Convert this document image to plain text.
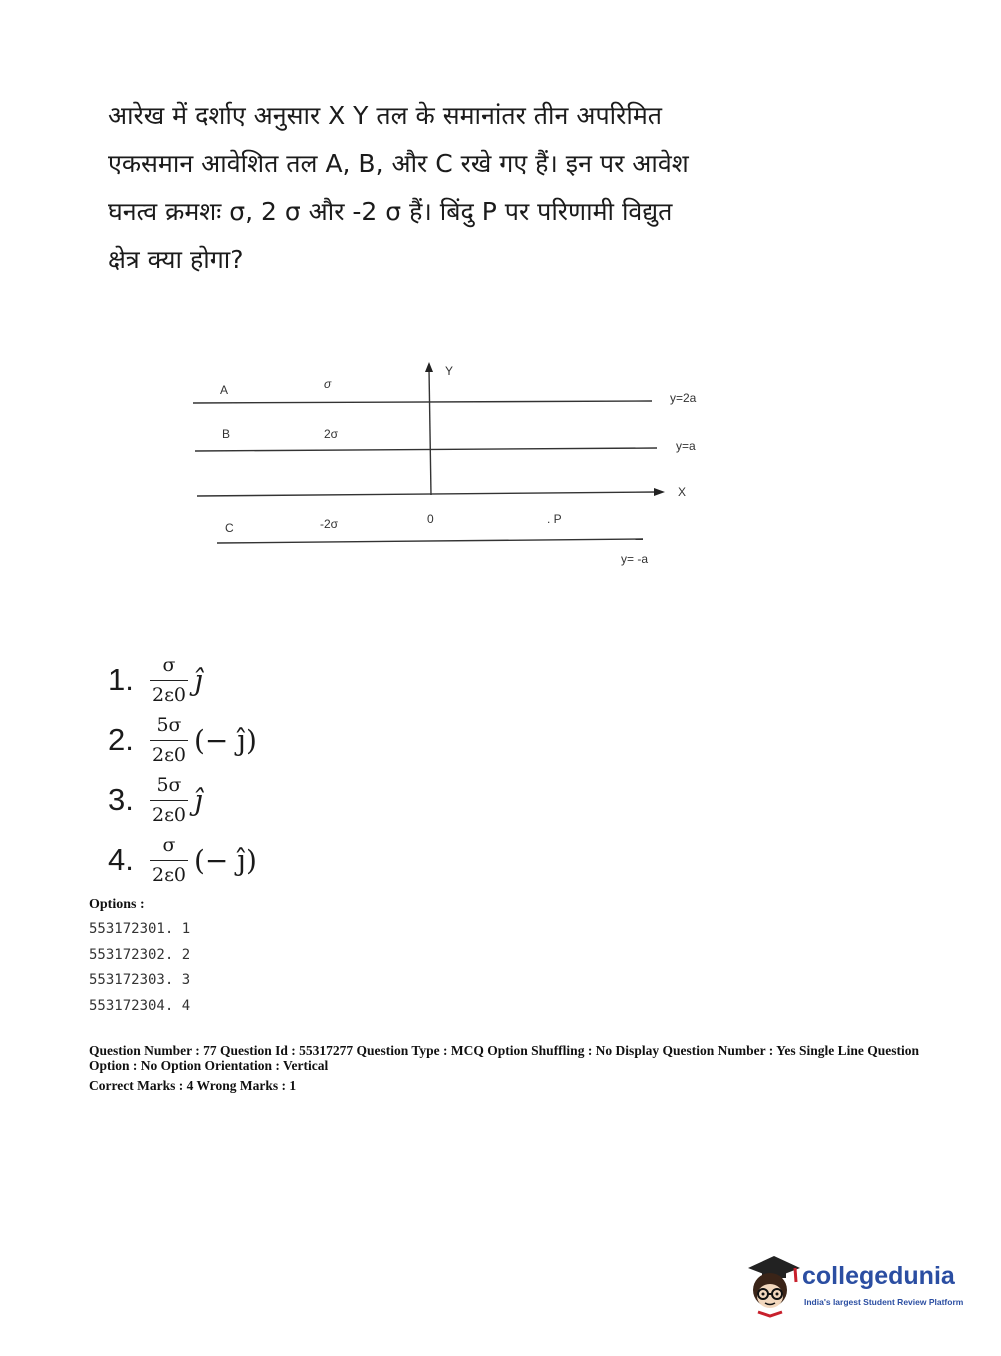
आरेख में दर्शाए अनुसार X Y तल के समानांतर तीन अपरिमित

एकसमान आवेशित तल A, B, और C रखे गए हैं। इन पर आवेश

घनत्व क्रमशः σ, 2 σ और -2 σ हैं। बिंदु P पर परिणामी विद्युत

क्षेत्र क्या होगा?

A	σ
y=2a
B	2σ
y=a
Y
X
0	. P
C	-2σ
y= -a
1. $\frac{\sigma}{2\varepsilon 0}$ ĵ
2. $\frac{5\sigma}{2\varepsilon 0}$ (− ĵ)
3. $\frac{5\sigma}{2\varepsilon 0}$ ĵ
4. $\frac{\sigma}{2\varepsilon 0}$ (− ĵ)
Options :
553172301. 1
553172302. 2
553172303. 3
553172304. 4

Question Number : 77 Question Id : 55317277 Question Type : MCQ Option Shuffling : No Display Question Number : Yes Single Line Question Option : No Option Orientation : Vertical

Correct Marks : 4 Wrong Marks : 1

collegedunia
India's largest Student Review Platform
